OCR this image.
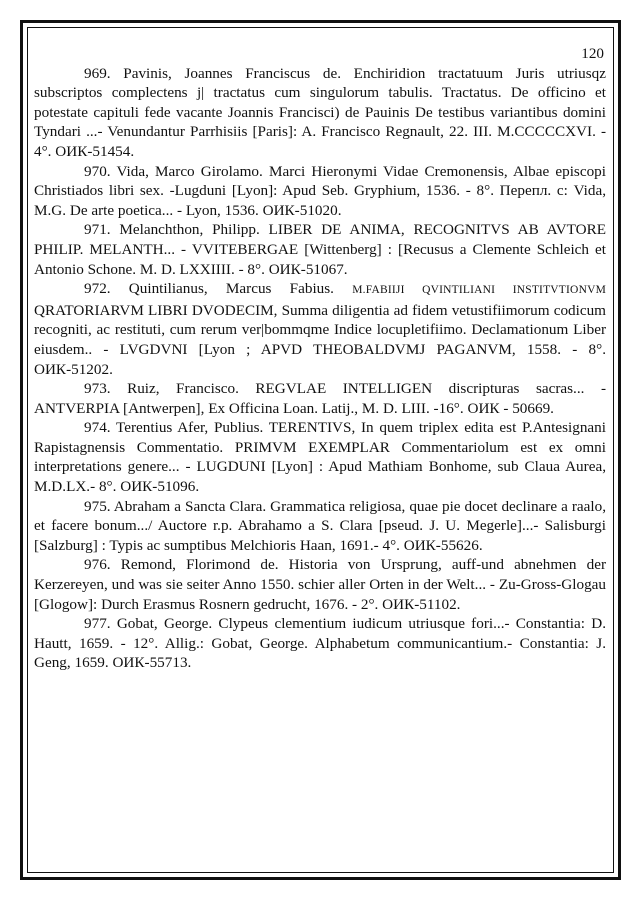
120

969. Pavinis, Joannes Franciscus de. Enchiridion tractatuum Juris utriusqz subscriptos complectens j| tractatus cum singulorum tabulis. Tractatus. De officino et potestate capituli fede vacante Joannis Francisci) de Pauinis De testibus variantibus domini Tyndari ...- Venundantur Parrhisiis [Paris]: A. Francisco Regnault, 22. III. M.CCCCCXVI. - 4°. ОИК-51454.

970. Vida, Marco Girolamo. Marci Hieronymi Vidae Cremonensis, Albae episcopi Christiados libri sex. -Lugduni [Lyon]: Apud Seb. Gryphium, 1536. - 8°. Перепл. с: Vida, M.G. De arte poetica... - Lyon, 1536. ОИК-51020.

971. Melanchthon, Philipp. LIBER DE ANIMA, RECOGNITVS AB AVTORE PHILIP. MELANTH... - VVITEBERGAE [Wittenberg] : [Recusus a Clemente Schleich et Antonio Schone. M. D. LXXIIII. - 8°. ОИК-51067.

972. Quintilianus, Marcus Fabius. M.FABIIJI QVINTILIANI INSTITVTIONVM QRATORIARVM LIBRI DVODECIM, Summa diligentia ad fidem vetustifiimorum codicum recogniti, ac restituti, cum rerum ver|bommqme Indice locupletifiimo. Declamationum Liber eiusdem.. - LVGDVNI [Lyon ; APVD THEOBALDVMJ PAGANVM, 1558. - 8°. ОИК-51202.

973. Ruiz, Francisco. REGVLAE INTELLIGEN discripturas sacras... - ANTVERPIA [Antwerpen], Ex Officina Loan. Latij., M. D. LIII. -16°. ОИК - 50669.

974. Terentius Afer, Publius. TERENTIVS, In quem triplex edita est P.Antesignani Rapistagnensis Commentatio. PRIMVM EXEMPLAR Commentariolum est ex omni interpretations genere... - LUGDUNI [Lyon] : Apud Mathiam Bonhome, sub Claua Aurea, M.D.LX.- 8°. ОИК-51096.

975. Abraham a Sancta Clara. Grammatica religiosa, quae pie docet declinare a raalo, et facere bonum.../ Auctore r.p. Abrahamo a S. Clara [pseud. J. U. Megerle]...- Salisburgi [Salzburg] : Typis ac sumptibus Melchioris Haan, 1691.- 4°. ОИК-55626.

976. Remond, Florimond de. Historia von Ursprung, auff-und abnehmen der Kerzereyen, und was sie seiter Anno 1550. schier aller Orten in der Welt... - Zu-Gross-Glogau [Glogow]: Durch Erasmus Rosnern gedrucht, 1676. - 2°. ОИК-51102.

977. Gobat, George. Clypeus clementium iudicum utriusque fori...- Constantia: D. Hautt, 1659. - 12°. Allig.: Gobat, George. Alphabetum communicantium.- Constantia: J. Geng, 1659. ОИК-55713.
